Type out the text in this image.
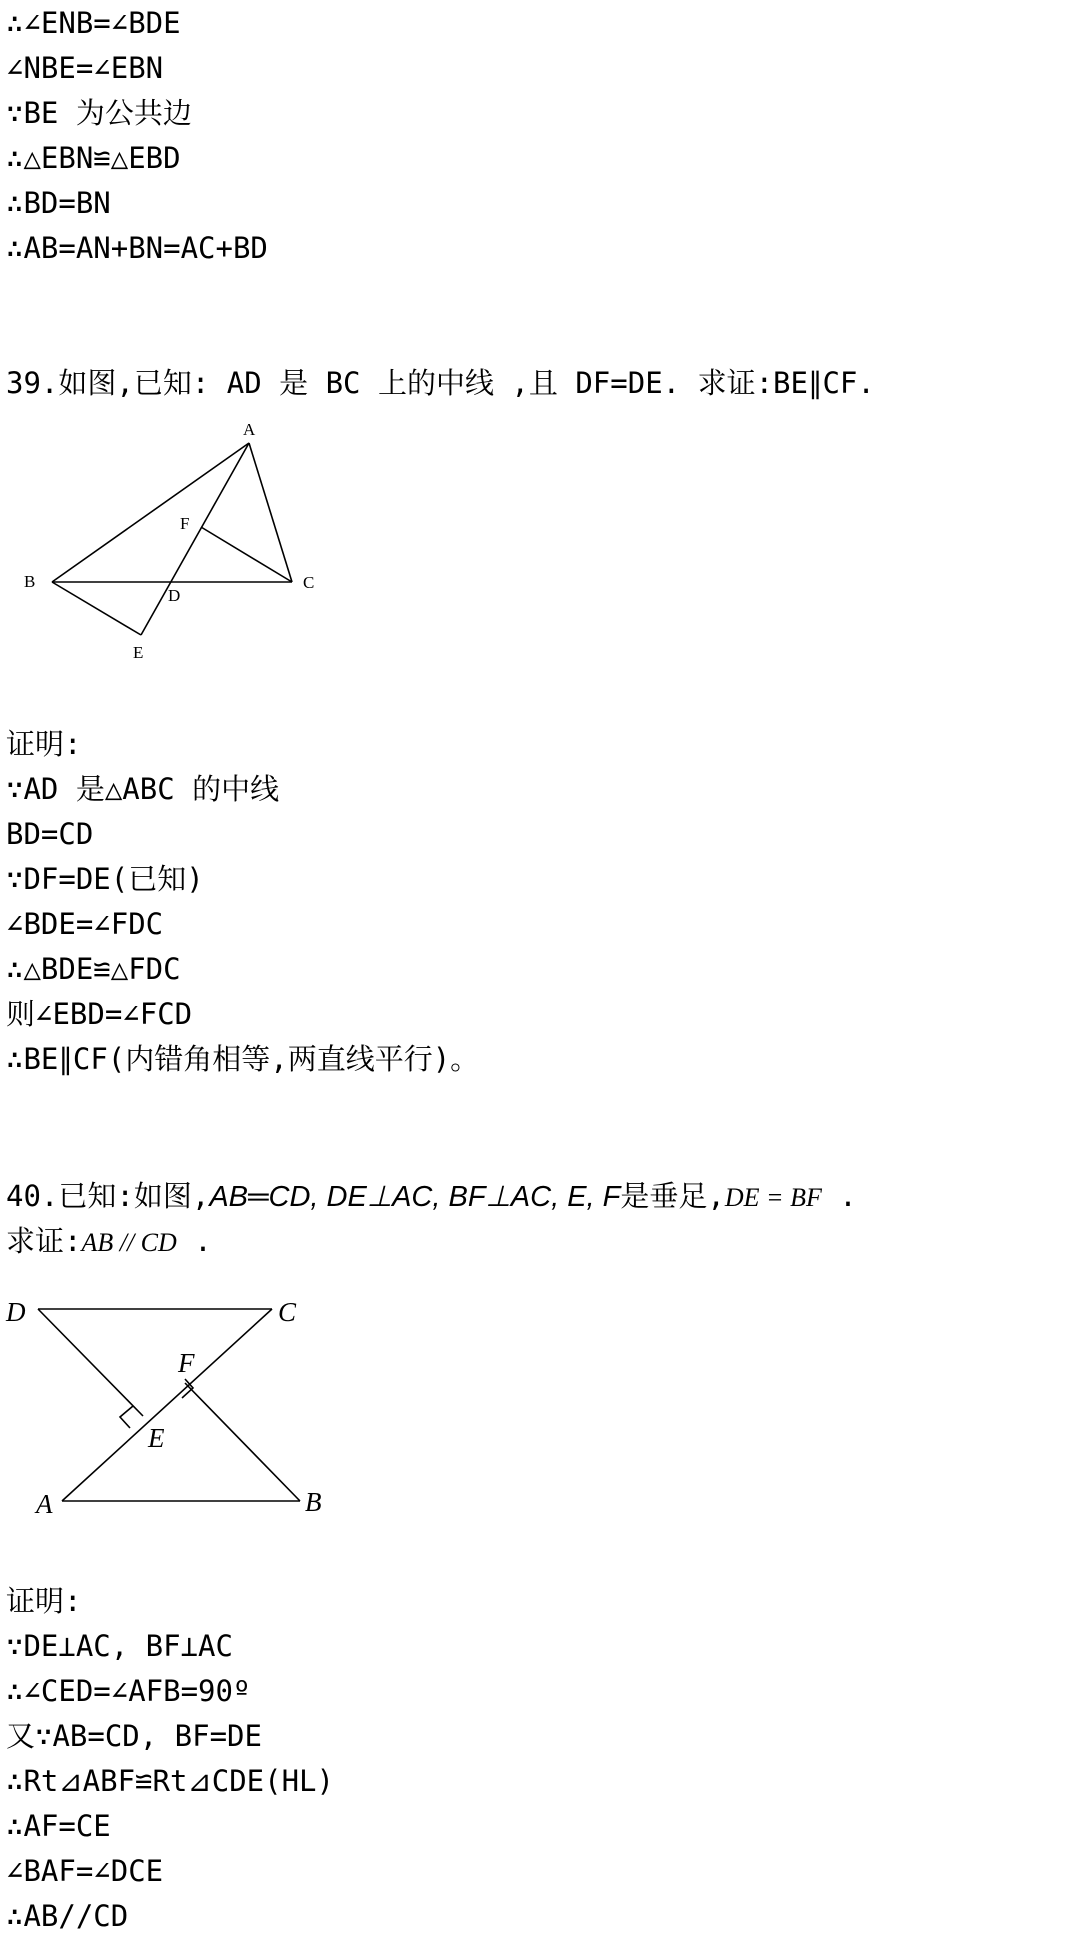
∴∠ENB=∠BDE
∠NBE=∠EBN
∵BE 为公共边
∴△EBN≌△EBD
∴BD=BN
∴AB=AN+BN=AC+BD
39.如图,已知: AD 是 BC 上的中线 ,且 DF=DE. 求证:BE∥CF.
A
B	C
D
E
F
证明:
∵AD 是△ABC 的中线
BD=CD
∵DF=DE(已知)
∠BDE=∠FDC
∴△BDE≌△FDC
则∠EBD=∠FCD
∴BE∥CF(内错角相等,两直线平行)。
40.已知:如图,AB═CD, DE⊥AC, BF⊥AC, E, F是垂足,DE = BF .
求证:AB // CD .
D	C
A	B
E
F
证明:
∵DE⊥AC, BF⊥AC
∴∠CED=∠AFB=90º
又∵AB=CD, BF=DE
∴Rt⊿ABF≌Rt⊿CDE(HL)
∴AF=CE
∠BAF=∠DCE
∴AB//CD
